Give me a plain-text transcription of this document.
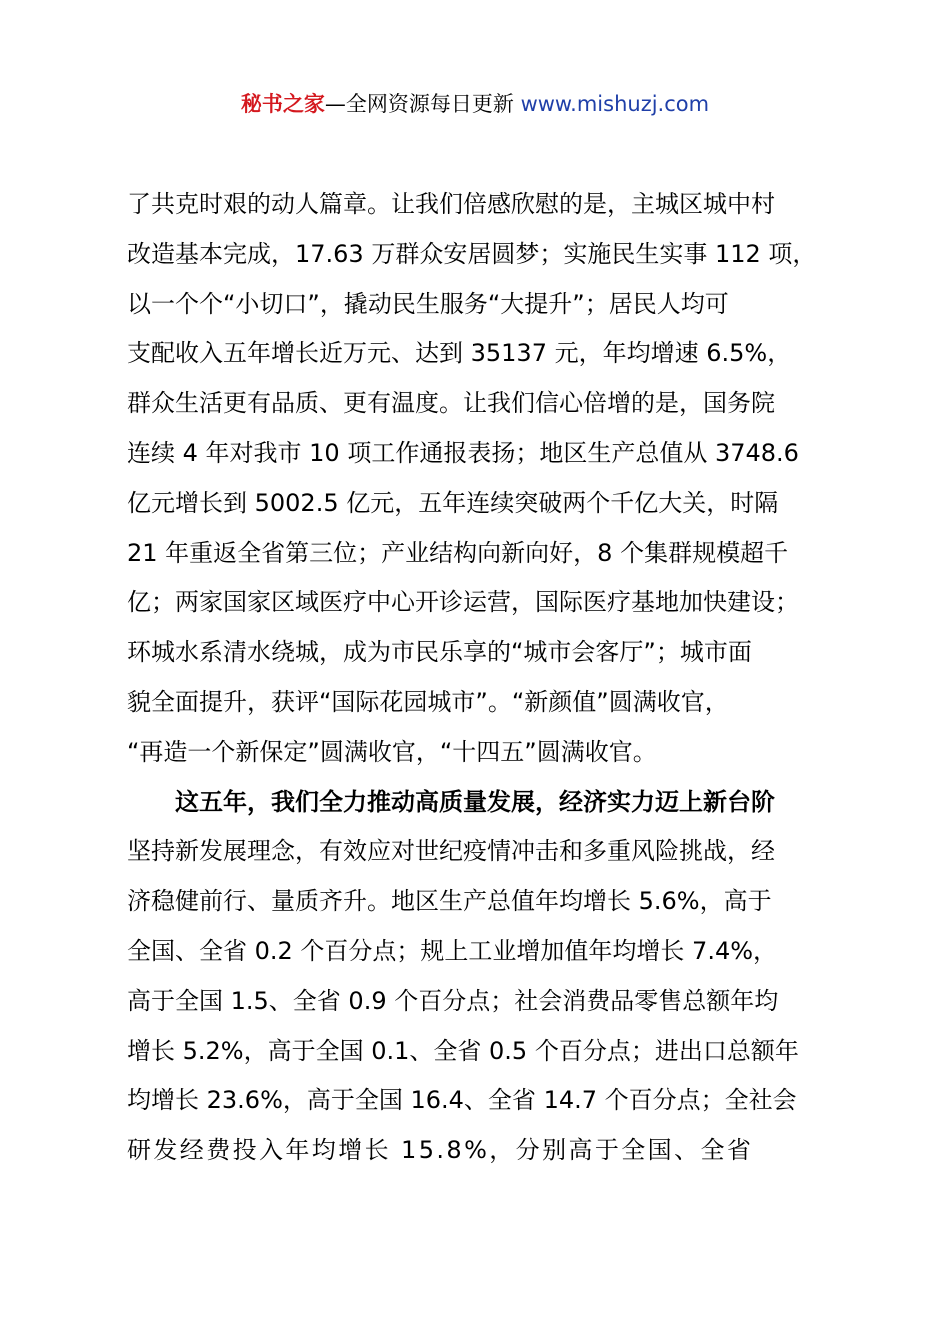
秘书之家—全网资源每日更新 www.mishuzj.com
了共克时艰的动人篇章。让我们倍感欣慰的是，主城区城中村
改造基本完成，17.63 万群众安居圆梦；实施民生实事 112 项，
以一个个“小切口”，撬动民生服务“大提升”；居民人均可
支配收入五年增长近万元、达到 35137 元，年均增速 6.5%，
群众生活更有品质、更有温度。让我们信心倍增的是，国务院
连续 4 年对我市 10 项工作通报表扬；地区生产总值从 3748.6
亿元增长到 5002.5 亿元，五年连续突破两个千亿大关，时隔
21 年重返全省第三位；产业结构向新向好，8 个集群规模超千
亿；两家国家区域医疗中心开诊运营，国际医疗基地加快建设；
环城水系清水绕城，成为市民乐享的“城市会客厅”；城市面
貌全面提升，获评“国际花园城市”。“新颜值”圆满收官，
“再造一个新保定”圆满收官，“十四五”圆满收官。
　　这五年，我们全力推动高质量发展，经济实力迈上新台阶
坚持新发展理念，有效应对世纪疫情冲击和多重风险挑战，经
济稳健前行、量质齐升。地区生产总值年均增长 5.6%，高于
全国、全省 0.2 个百分点；规上工业增加值年均增长 7.4%，
高于全国 1.5、全省 0.9 个百分点；社会消费品零售总额年均
增长 5.2%，高于全国 0.1、全省 0.5 个百分点；进出口总额年
均增长 23.6%，高于全国 16.4、全省 14.7 个百分点；全社会
研发经费投入年均增长 15.8%，分别高于全国、全省
